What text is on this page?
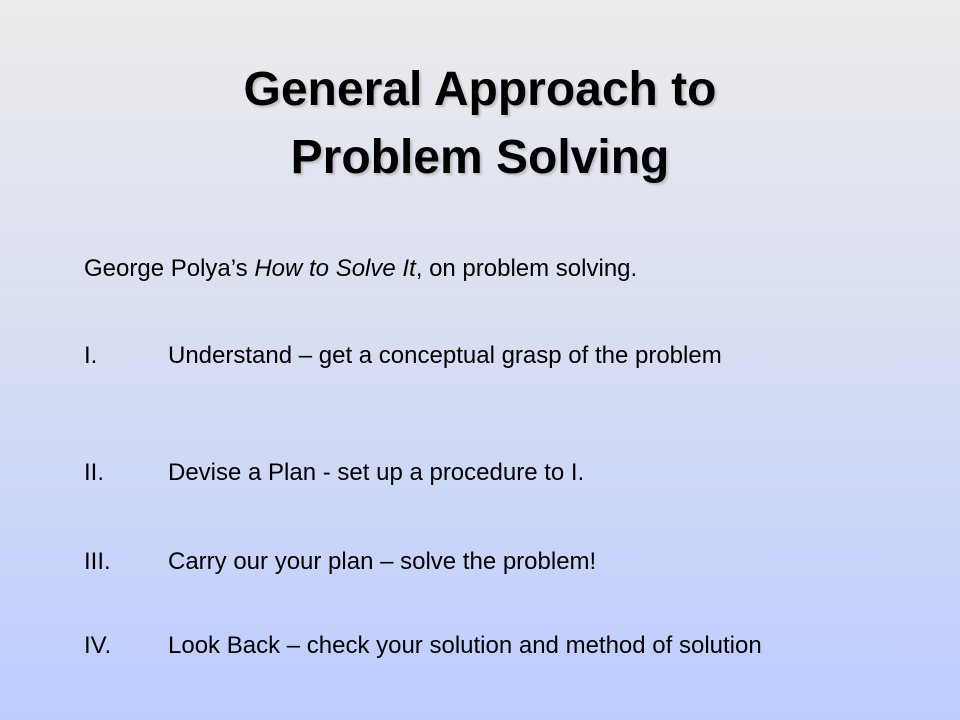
General Approach to
Problem Solving
George Polya’s How to Solve It, on problem solving.
I.	Understand – get a conceptual grasp of the problem
II.	Devise a Plan - set up a procedure to I.
III.	Carry our your plan – solve the problem!
IV.	Look Back – check your solution and method of solution
